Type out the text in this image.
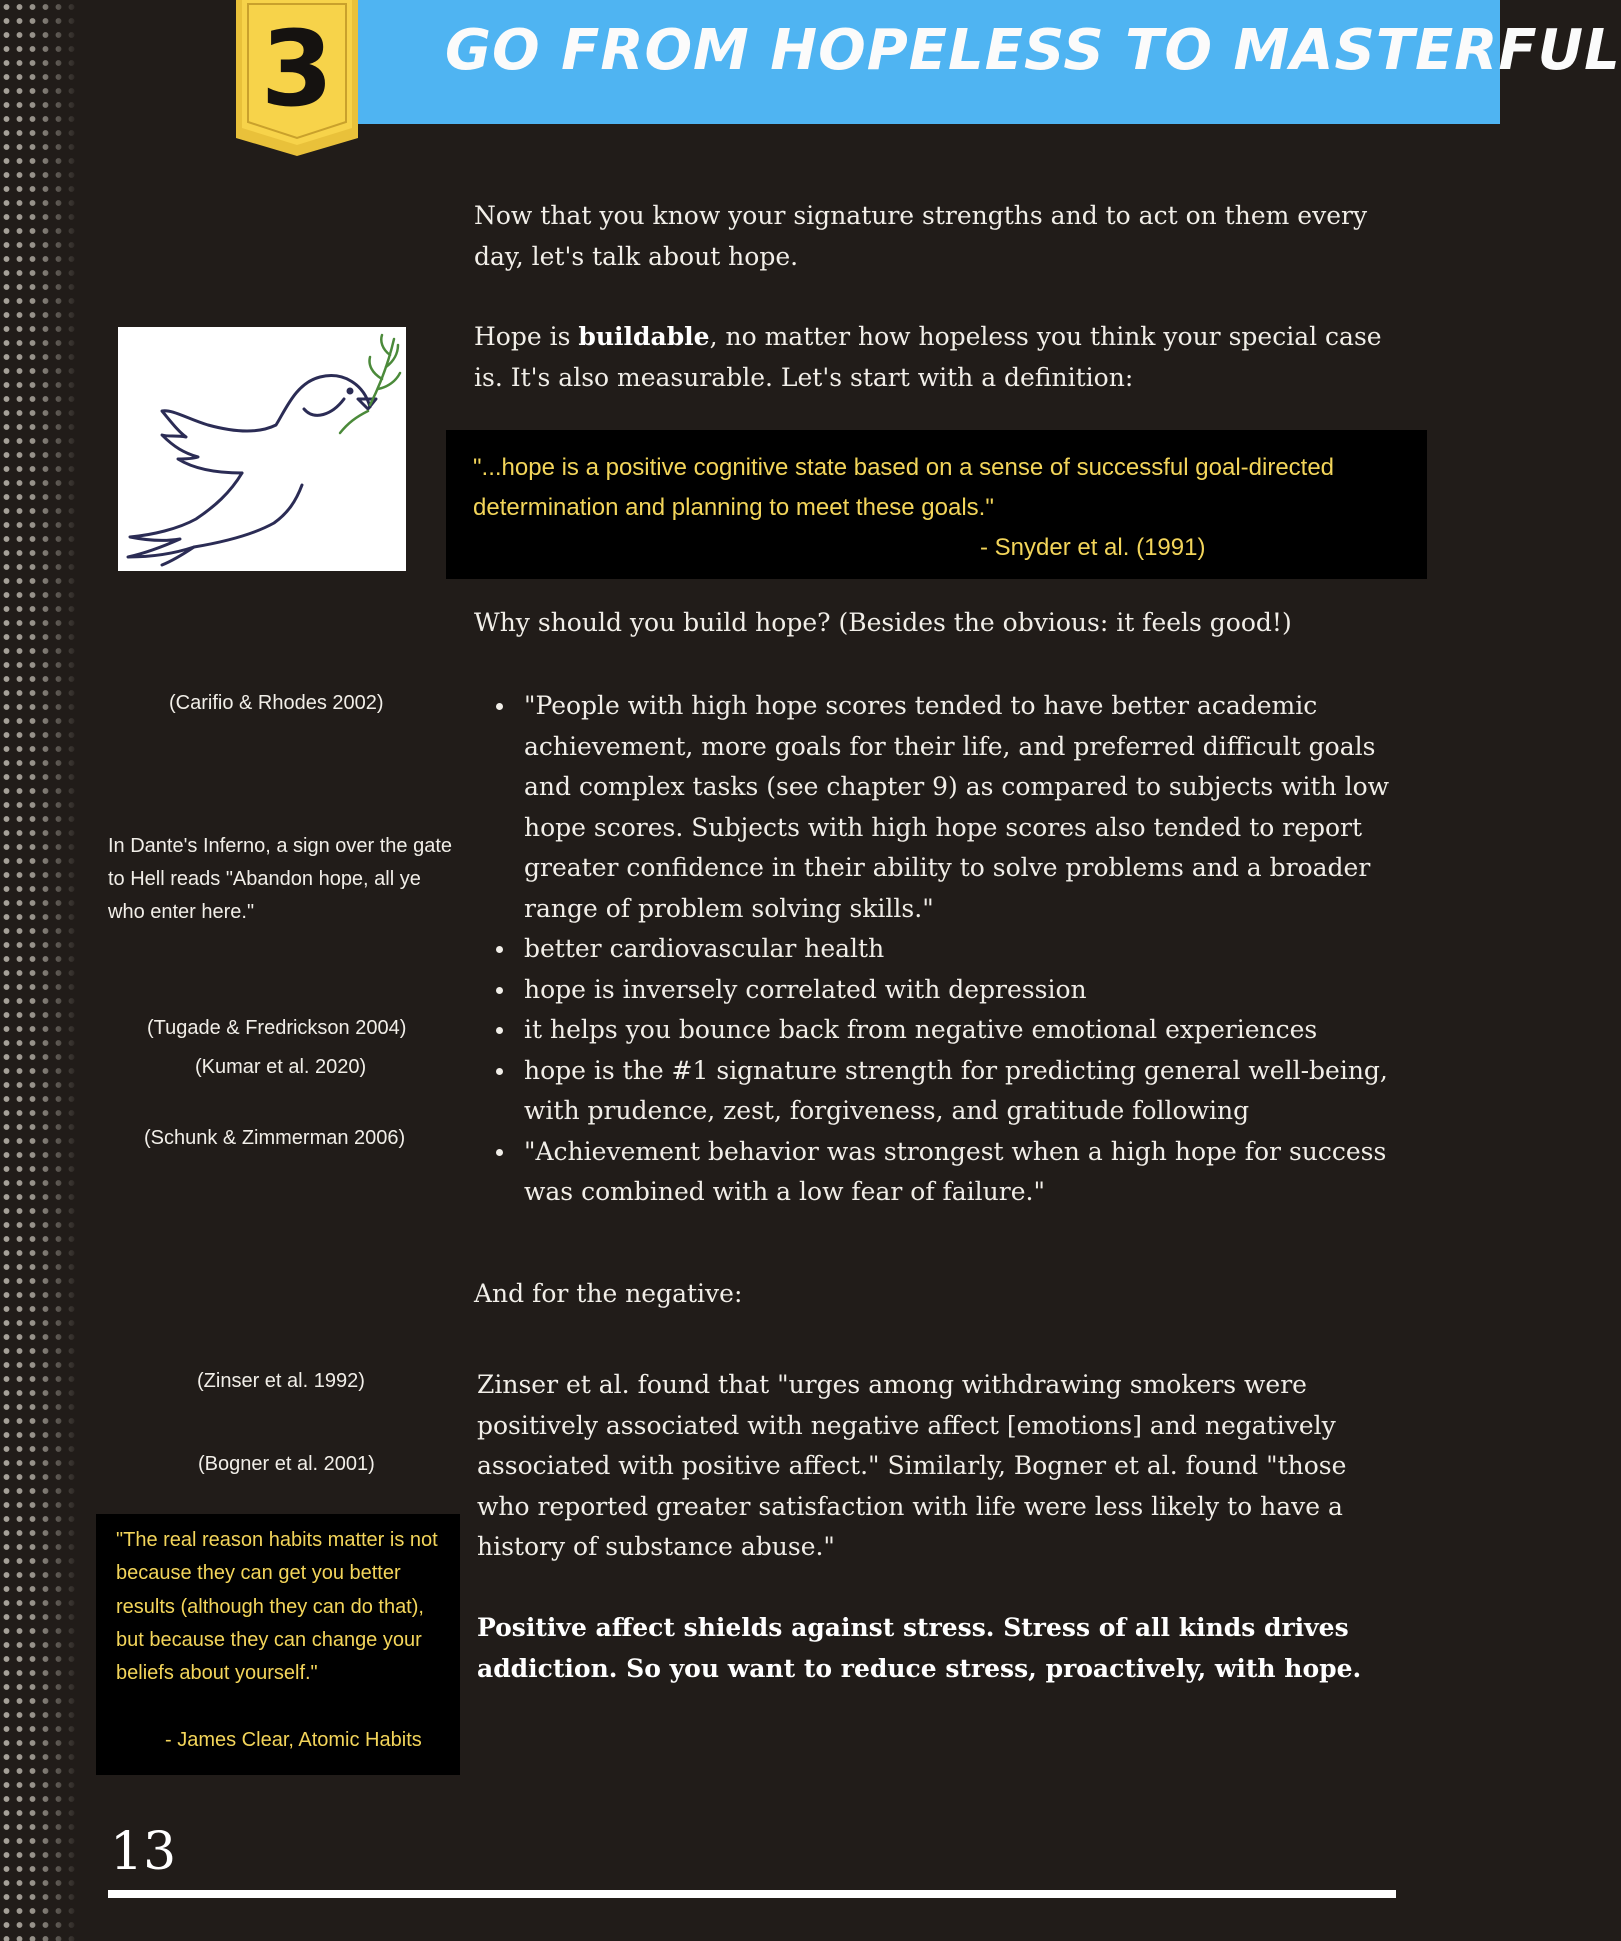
3	GO FROM HOPELESS TO MASTERFUL
Now that you know your signature strengths and to act on them every day, let's talk about hope.
Hope is buildable, no matter how hopeless you think your special case is. It's also measurable. Let's start with a definition:
"...hope is a positive cognitive state based on a sense of successful goal-directed determination and planning to meet these goals."
- Snyder et al. (1991)
Why should you build hope? (Besides the obvious: it feels good!)
"People with high hope scores tended to have better academic achievement, more goals for their life, and preferred difficult goals and complex tasks (see chapter 9) as compared to subjects with low hope scores. Subjects with high hope scores also tended to report greater confidence in their ability to solve problems and a broader range of problem solving skills."
better cardiovascular health
hope is inversely correlated with depression
it helps you bounce back from negative emotional experiences
hope is the #1 signature strength for predicting general well-being, with prudence, zest, forgiveness, and gratitude following
"Achievement behavior was strongest when a high hope for success was combined with a low fear of failure."
(Carifio & Rhodes 2002)
In Dante's Inferno, a sign over the gate to Hell reads "Abandon hope, all ye who enter here."
(Tugade & Fredrickson 2004)
(Kumar et al. 2020)
(Schunk & Zimmerman 2006)
And for the negative:
(Zinser et al. 1992)
(Bogner et al. 2001)
Zinser et al. found that "urges among withdrawing smokers were positively associated with negative affect [emotions] and negatively associated with positive affect." Similarly, Bogner et al. found "those who reported greater satisfaction with life were less likely to have a history of substance abuse."
Positive affect shields against stress. Stress of all kinds drives addiction. So you want to reduce stress, proactively, with hope.
"The real reason habits matter is not because they can get you better results (although they can do that), but because they can change your beliefs about yourself."
- James Clear, Atomic Habits
13
